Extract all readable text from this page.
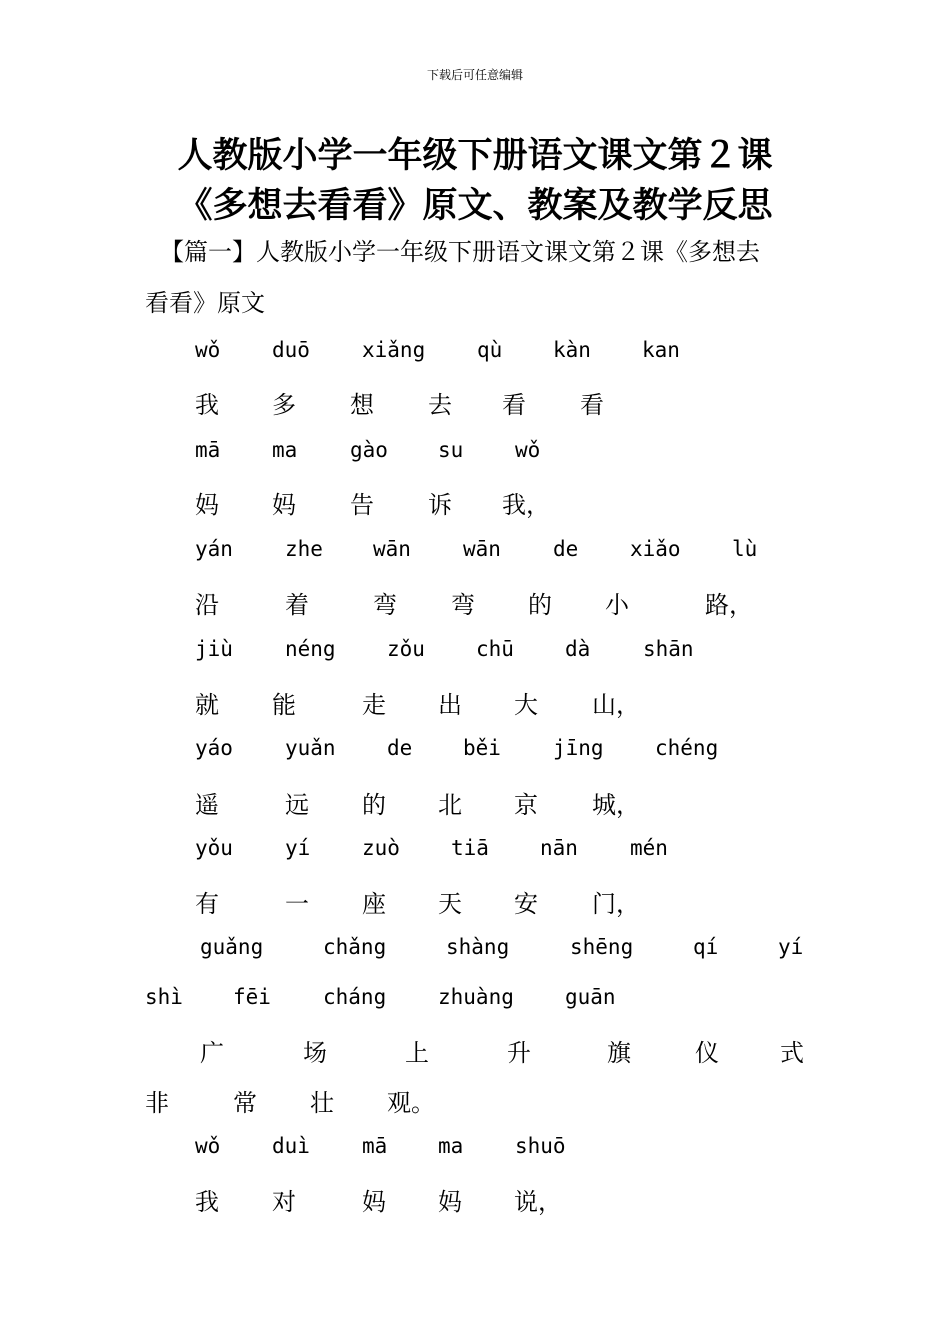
下载后可任意编辑
人教版小学一年级下册语文课文第２课
《多想去看看》原文、教案及教学反思
【篇一】人教版小学一年级下册语文课文第２课《多想去
看看》原文
wǒ duō xiǎng qù kàn kan
我 多 想 去 看 看
mā ma	gào su wǒ
妈 妈 告 诉 我，
yán zhe wān wān de xiǎo lù
沿	着	弯 弯 的 小	路，
jiù néng zǒu chū dà	shān
就 能	走 出 大 山，
yáo yuǎn de běi jīng chéng
遥	远 的 北 京 城，
yǒu yí zuò tiā nān mén
有	一 座 天 安 门，
guǎng	chǎng	shàng	shēng	qí	yí
shì fēi cháng zhuàng guān
广	场	上	升	旗	仪	式
非	常 壮 观。
wǒ duì mā ma shuō
我 对	妈 妈 说，
